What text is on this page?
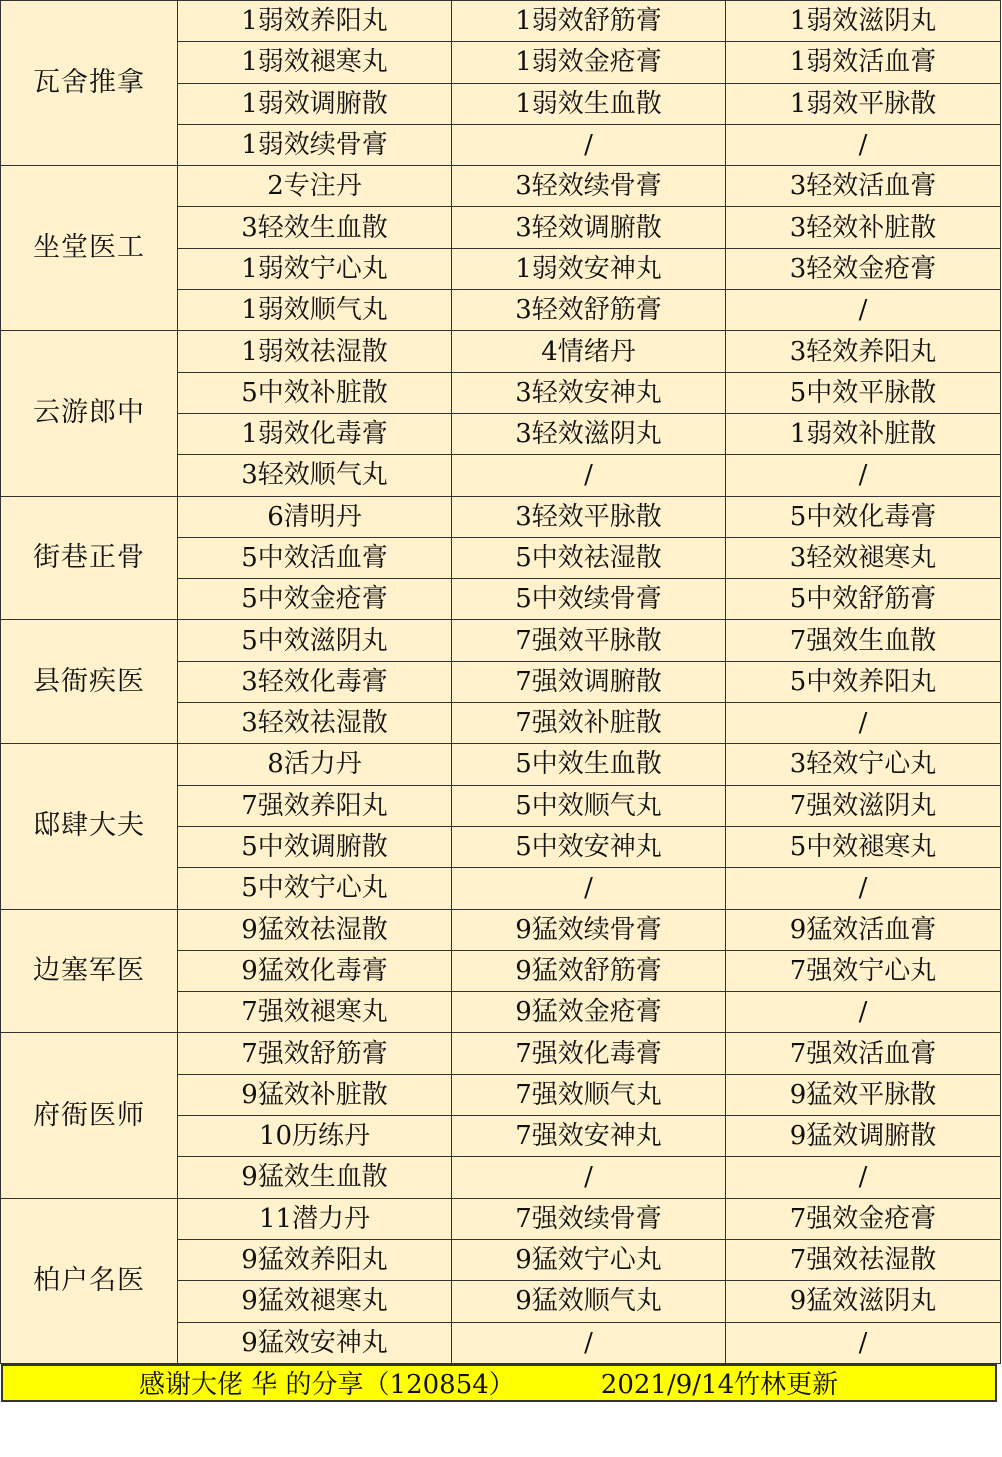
瓦舍推拿	1弱效养阳丸	1弱效舒筋膏	1弱效滋阴丸
	1弱效褪寒丸	1弱效金疮膏	1弱效活血膏
	1弱效调腑散	1弱效生血散	1弱效平脉散
	1弱效续骨膏	/	/
坐堂医工	2专注丹	3轻效续骨膏	3轻效活血膏
	3轻效生血散	3轻效调腑散	3轻效补脏散
	1弱效宁心丸	1弱效安神丸	3轻效金疮膏
	1弱效顺气丸	3轻效舒筋膏	/
云游郎中	1弱效祛湿散	4情绪丹	3轻效养阳丸
	5中效补脏散	3轻效安神丸	5中效平脉散
	1弱效化毒膏	3轻效滋阴丸	1弱效补脏散
	3轻效顺气丸	/	/
街巷正骨	6清明丹	3轻效平脉散	5中效化毒膏
	5中效活血膏	5中效祛湿散	3轻效褪寒丸
	5中效金疮膏	5中效续骨膏	5中效舒筋膏
县衙疾医	5中效滋阴丸	7强效平脉散	7强效生血散
	3轻效化毒膏	7强效调腑散	5中效养阳丸
	3轻效祛湿散	7强效补脏散	/
邸肆大夫	8活力丹	5中效生血散	3轻效宁心丸
	7强效养阳丸	5中效顺气丸	7强效滋阴丸
	5中效调腑散	5中效安神丸	5中效褪寒丸
	5中效宁心丸	/	/
边塞军医	9猛效祛湿散	9猛效续骨膏	9猛效活血膏
	9猛效化毒膏	9猛效舒筋膏	7强效宁心丸
	7强效褪寒丸	9猛效金疮膏	/
府衙医师	7强效舒筋膏	7强效化毒膏	7强效活血膏
	9猛效补脏散	7强效顺气丸	9猛效平脉散
	10历练丹	7强效安神丸	9猛效调腑散
	9猛效生血散	/	/
柏户名医	11潜力丹	7强效续骨膏	7强效金疮膏
	9猛效养阳丸	9猛效宁心丸	7强效祛湿散
	9猛效褪寒丸	9猛效顺气丸	9猛效滋阴丸
	9猛效安神丸	/	/
感谢大佬 华 的分享（120854）	2021/9/14竹林更新
